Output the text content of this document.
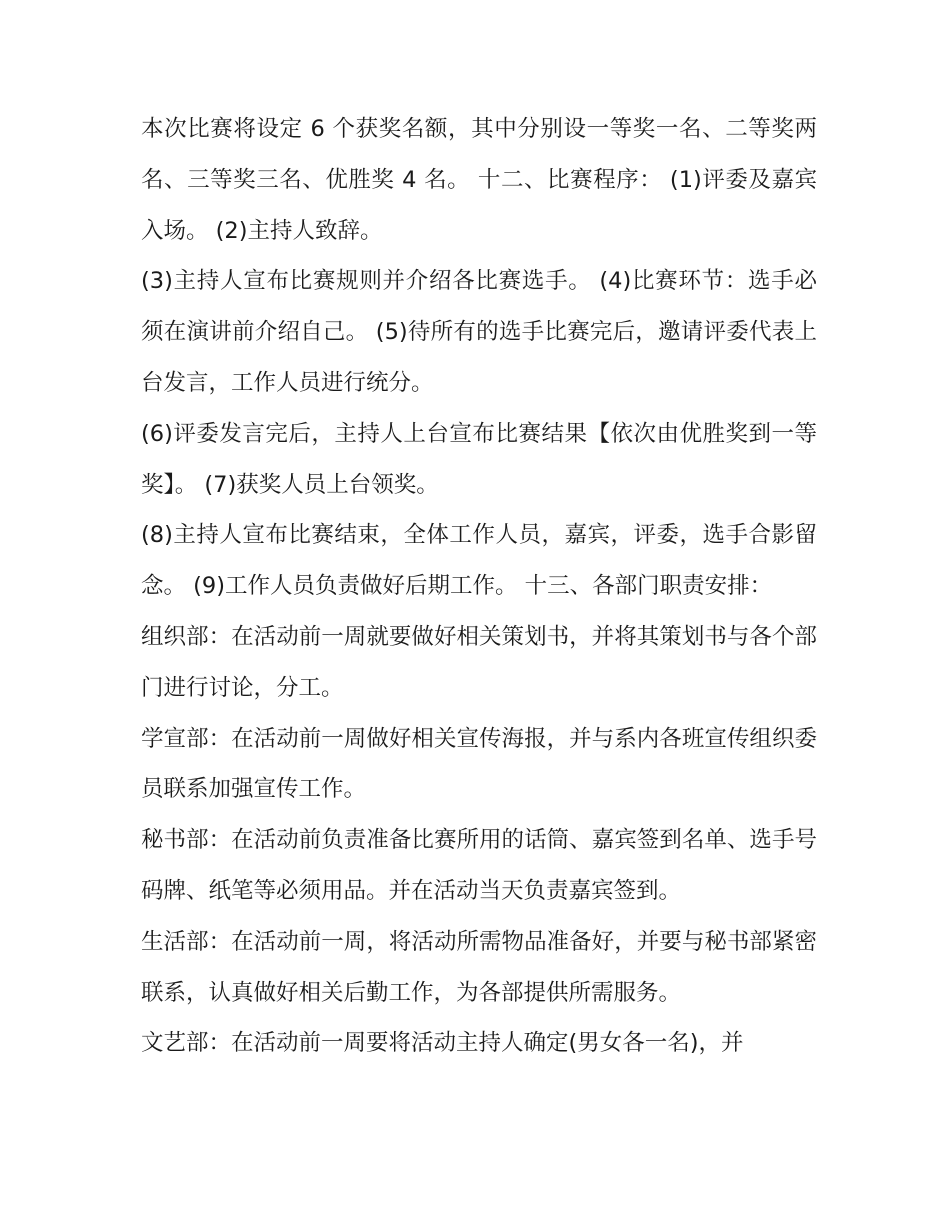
本次比赛将设定 6 个获奖名额，其中分别设一等奖一名、二等奖两名、三等奖三名、优胜奖 4 名。 十二、比赛程序： (1)评委及嘉宾入场。 (2)主持人致辞。

(3)主持人宣布比赛规则并介绍各比赛选手。 (4)比赛环节：选手必须在演讲前介绍自己。 (5)待所有的选手比赛完后，邀请评委代表上台发言，工作人员进行统分。

(6)评委发言完后，主持人上台宣布比赛结果【依次由优胜奖到一等奖】。 (7)获奖人员上台领奖。

(8)主持人宣布比赛结束，全体工作人员，嘉宾，评委，选手合影留念。 (9)工作人员负责做好后期工作。 十三、各部门职责安排：

组织部：在活动前一周就要做好相关策划书，并将其策划书与各个部门进行讨论，分工。

学宣部：在活动前一周做好相关宣传海报，并与系内各班宣传组织委员联系加强宣传工作。

秘书部：在活动前负责准备比赛所用的话筒、嘉宾签到名单、选手号码牌、纸笔等必须用品。并在活动当天负责嘉宾签到。

生活部：在活动前一周，将活动所需物品准备好，并要与秘书部紧密联系，认真做好相关后勤工作，为各部提供所需服务。

文艺部：在活动前一周要将活动主持人确定(男女各一名)，并
